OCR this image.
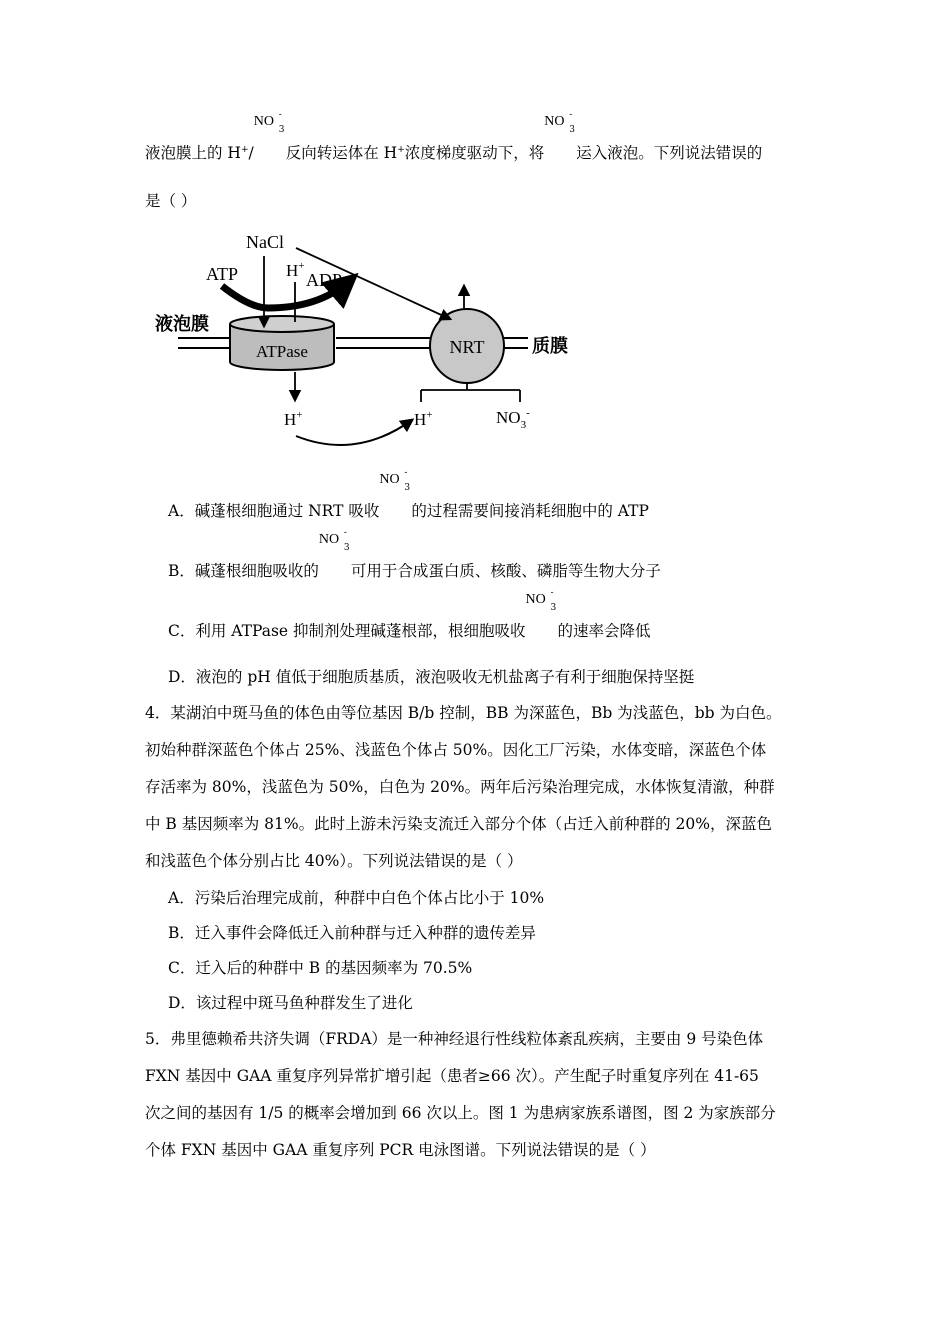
液泡膜上的 H+/
NO -
3
反向转运体在 H+浓度梯度驱动下，将
NO -
3
运入液泡。下列说法错误的
是（ ）
ATPase	NRT
NaCl
ATP	H+
ADP
液泡膜
质膜
H+	H+	$NO_3^-$
A．碱蓬根细胞通过 NRT 吸收
NO -
3
的过程需要间接消耗细胞中的 ATP
B．碱蓬根细胞吸收的
NO -
3
可用于合成蛋白质、核酸、磷脂等生物大分子
C．利用 ATPase 抑制剂处理碱蓬根部，根细胞吸收
NO -
3
的速率会降低
D．液泡的 pH 值低于细胞质基质，液泡吸收无机盐离子有利于细胞保持坚挺
4．某湖泊中斑马鱼的体色由等位基因 B/b 控制，BB 为深蓝色，Bb 为浅蓝色，bb 为白色。
初始种群深蓝色个体占 25%、浅蓝色个体占 50%。因化工厂污染，水体变暗，深蓝色个体
存活率为 80%，浅蓝色为 50%，白色为 20%。两年后污染治理完成，水体恢复清澈，种群
中 B 基因频率为 81%。此时上游未污染支流迁入部分个体（占迁入前种群的 20%，深蓝色
和浅蓝色个体分别占比 40%）。下列说法错误的是（ ）
A．污染后治理完成前，种群中白色个体占比小于 10%
B．迁入事件会降低迁入前种群与迁入种群的遗传差异
C．迁入后的种群中 B 的基因频率为 70.5%
D．该过程中斑马鱼种群发生了进化
5．弗里德赖希共济失调（FRDA）是一种神经退行性线粒体紊乱疾病，主要由 9 号染色体
FXN 基因中 GAA 重复序列异常扩增引起（患者≥66 次）。产生配子时重复序列在 41-65
次之间的基因有 1/5 的概率会增加到 66 次以上。图 1 为患病家族系谱图，图 2 为家族部分
个体 FXN 基因中 GAA 重复序列 PCR 电泳图谱。下列说法错误的是（ ）
